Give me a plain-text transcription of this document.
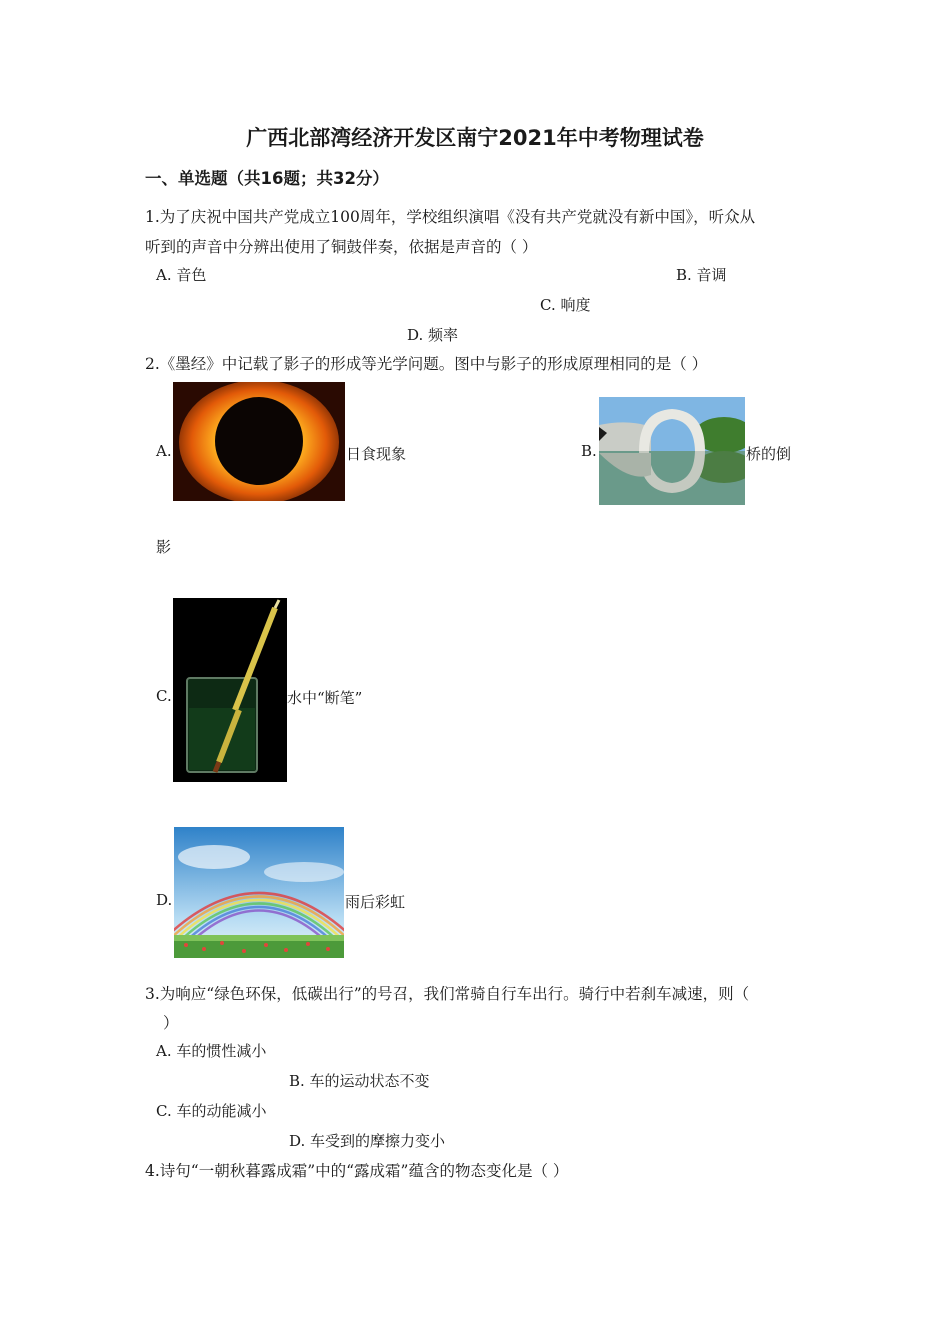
广西北部湾经济开发区南宁2021年中考物理试卷
一、单选题（共16题；共32分）
1.为了庆祝中国共产党成立100周年，学校组织演唱《没有共产党就没有新中国》，听众从
听到的声音中分辨出使用了铜鼓伴奏，依据是声音的（ ）
A. 音色	B. 音调
C. 响度
D. 频率
2.《墨经》中记载了影子的形成等光学问题。图中与影子的形成原理相同的是（ ）
A.	日食现象	B.	桥的倒
影
C.	水中“断笔”
D.	雨后彩虹
3.为响应“绿色环保，低碳出行”的号召，我们常骑自行车出行。骑行中若刹车减速，则（
）
A. 车的惯性减小
B. 车的运动状态不变
C. 车的动能减小
D. 车受到的摩擦力变小
4.诗句“一朝秋暮露成霜”中的“露成霜”蕴含的物态变化是（ ）
